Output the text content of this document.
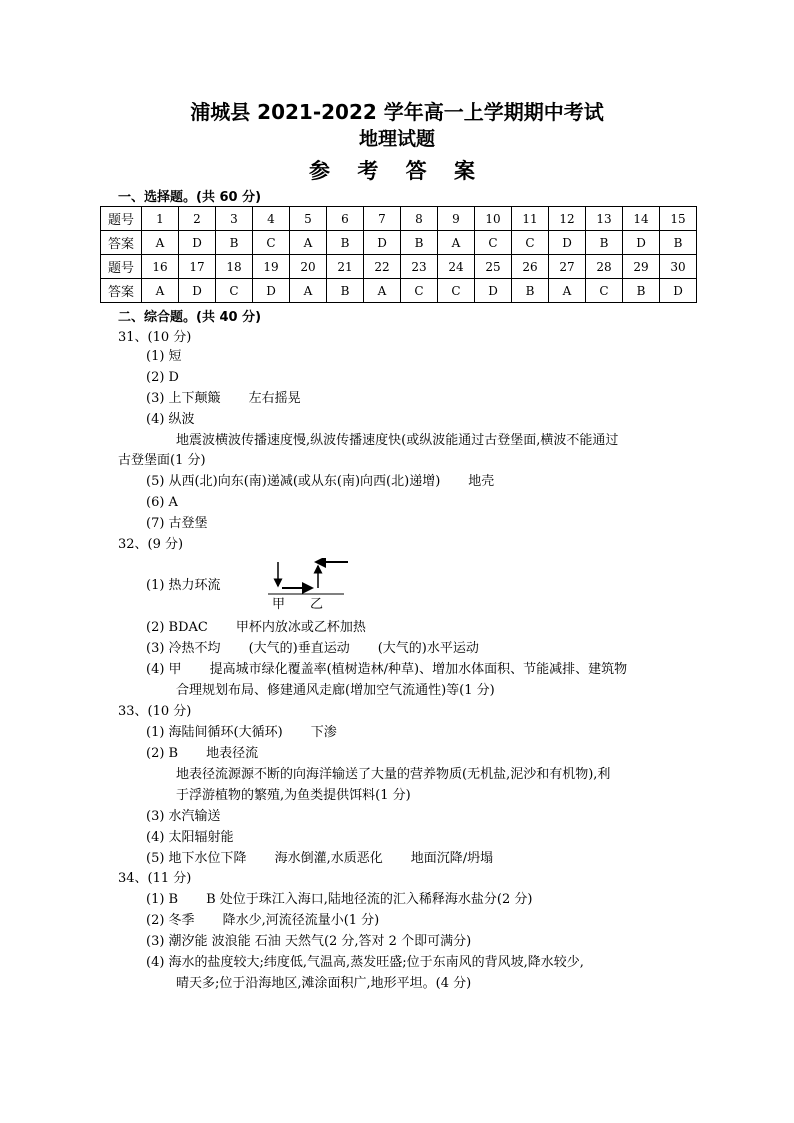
浦城县 2021-2022 学年高一上学期期中考试
地理试题
参 考 答 案
一、选择题。(共 60 分)
题号	1	2	3	4	5	6	7	8	9	10	11	12	13	14	15
答案	A	D	B	C	A	B	D	B	A	C	C	D	B	D	B
题号	16	17	18	19	20	21	22	23	24	25	26	27	28	29	30
答案	A	D	C	D	A	B	A	C	C	D	B	A	C	B	D
二、综合题。(共 40 分)
31、(10 分)
(1) 短
(2) D
(3) 上下颠簸 左右摇晃
(4) 纵波
地震波横波传播速度慢,纵波传播速度快(或纵波能通过古登堡面,横波不能通过
古登堡面(1 分)
(5) 从西(北)向东(南)递减(或从东(南)向西(北)递增) 地壳
(6) A
(7) 古登堡
32、(9 分)
(1) 热力环流
甲 乙
(2) BDAC 甲杯内放冰或乙杯加热
(3) 冷热不均 (大气的)垂直运动 (大气的)水平运动
(4) 甲 提高城市绿化覆盖率(植树造林/种草)、增加水体面积、节能减排、建筑物
合理规划布局、修建通风走廊(增加空气流通性)等(1 分)
33、(10 分)
(1) 海陆间循环(大循环) 下渗
(2) B 地表径流
地表径流源源不断的向海洋输送了大量的营养物质(无机盐,泥沙和有机物),利
于浮游植物的繁殖,为鱼类提供饵料(1 分)
(3) 水汽输送
(4) 太阳辐射能
(5) 地下水位下降 海水倒灌,水质恶化 地面沉降/坍塌
34、(11 分)
(1) B B 处位于珠江入海口,陆地径流的汇入稀释海水盐分(2 分)
(2) 冬季 降水少,河流径流量小(1 分)
(3) 潮汐能 波浪能 石油 天然气(2 分,答对 2 个即可满分)
(4) 海水的盐度较大;纬度低,气温高,蒸发旺盛;位于东南风的背风坡,降水较少,
晴天多;位于沿海地区,滩涂面积广,地形平坦。(4 分)
